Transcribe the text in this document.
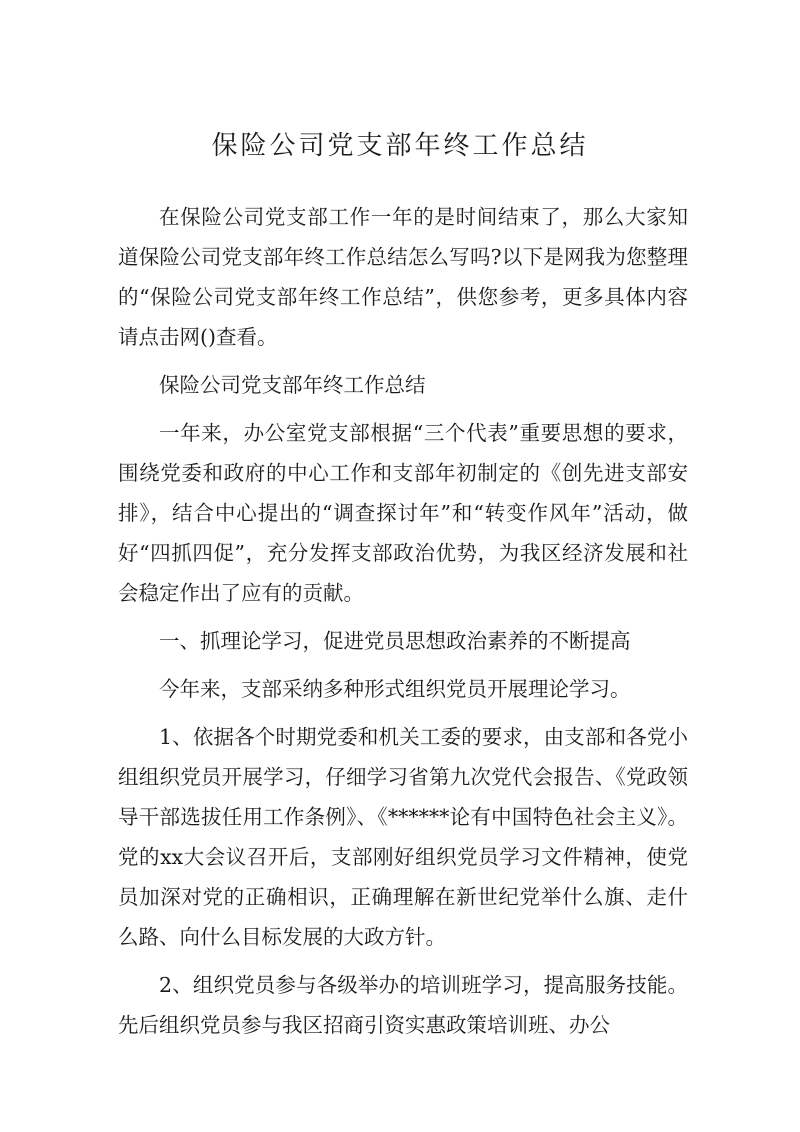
保险公司党支部年终工作总结

在保险公司党支部工作一年的是时间结束了，那么大家知道保险公司党支部年终工作总结怎么写吗?以下是网我为您整理的“保险公司党支部年终工作总结”，供您参考，更多具体内容请点击网()查看。

保险公司党支部年终工作总结

一年来，办公室党支部根据“三个代表”重要思想的要求，围绕党委和政府的中心工作和支部年初制定的《创先进支部安排》，结合中心提出的“调查探讨年”和“转变作风年”活动，做好“四抓四促”，充分发挥支部政治优势，为我区经济发展和社会稳定作出了应有的贡献。

一、抓理论学习，促进党员思想政治素养的不断提高

今年来，支部采纳多种形式组织党员开展理论学习。

1、依据各个时期党委和机关工委的要求，由支部和各党小组组织党员开展学习，仔细学习省第九次党代会报告、《党政领导干部选拔任用工作条例》、《******论有中国特色社会主义》。党的xx大会议召开后，支部刚好组织党员学习文件精神，使党员加深对党的正确相识，正确理解在新世纪党举什么旗、走什么路、向什么目标发展的大政方针。

2、组织党员参与各级举办的培训班学习，提高服务技能。先后组织党员参与我区招商引资实惠政策培训班、办公
